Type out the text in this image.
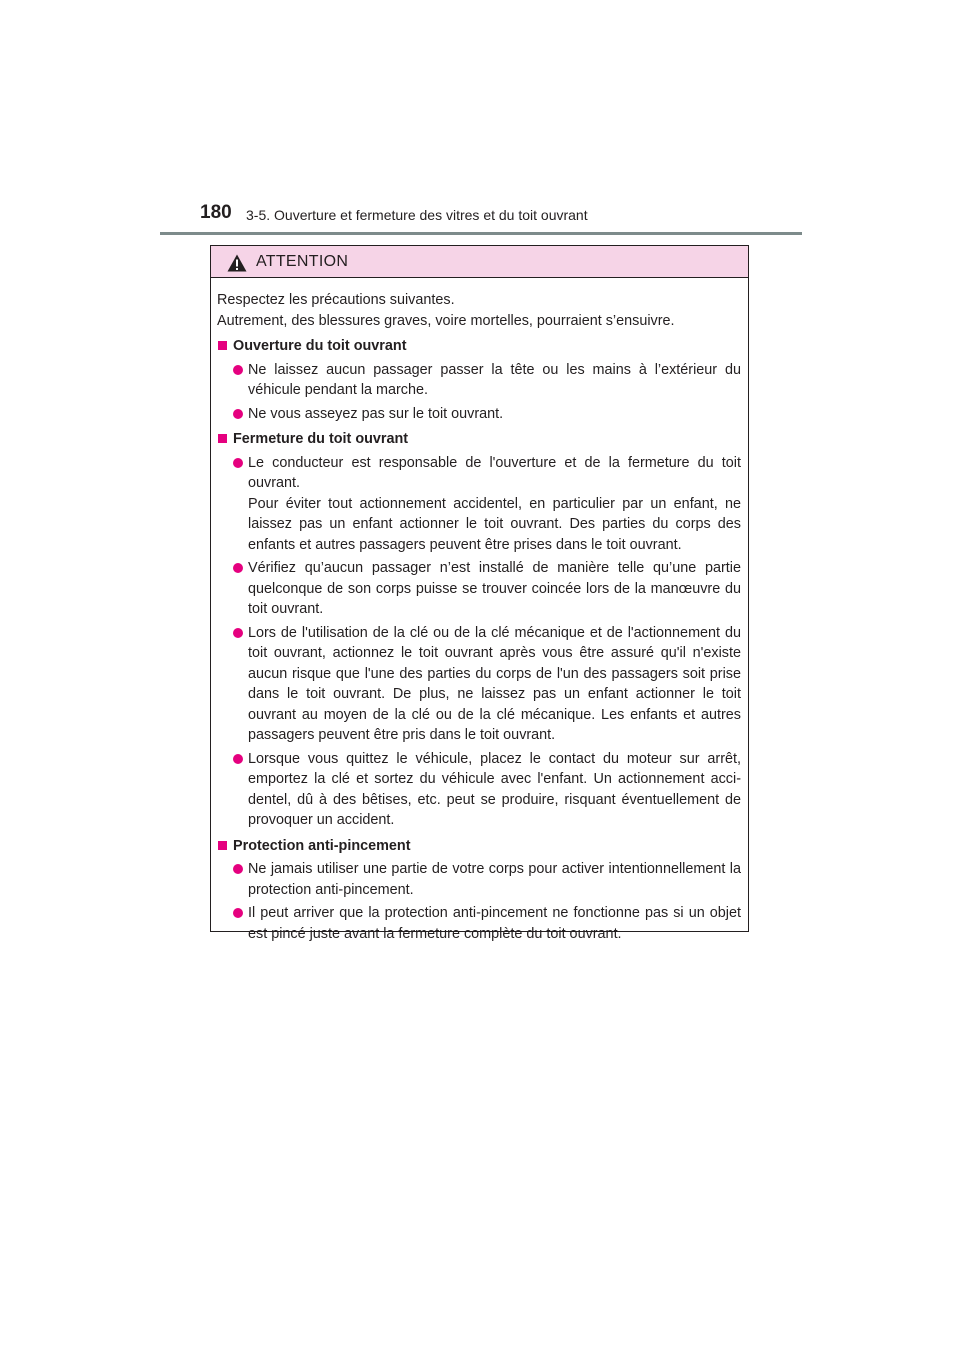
180 3-5. Ouverture et fermeture des vitres et du toit ouvrant
ATTENTION

Respectez les précautions suivantes.

Autrement, des blessures graves, voire mortelles, pourraient s’ensuivre.

Ouverture du toit ouvrant

Ne laissez aucun passager passer la tête ou les mains à l’extérieur du véhicule pendant la marche.

Ne vous asseyez pas sur le toit ouvrant.

Fermeture du toit ouvrant

Le conducteur est responsable de l'ouverture et de la fermeture du toit ouvrant.

Pour éviter tout actionnement accidentel, en particulier par un enfant, ne laissez pas un enfant actionner le toit ouvrant. Des parties du corps des enfants et autres passagers peuvent être prises dans le toit ouvrant.

Vérifiez qu’aucun passager n’est installé de manière telle qu’une partie quelconque de son corps puisse se trouver coincée lors de la manœuvre du toit ouvrant.

Lors de l'utilisation de la clé ou de la clé mécanique et de l'actionnement du toit ouvrant, actionnez le toit ouvrant après vous être assuré qu'il n'existe aucun risque que l'une des parties du corps de l'un des passagers soit prise dans le toit ouvrant. De plus, ne laissez pas un enfant actionner le toit ouvrant au moyen de la clé ou de la clé mécanique. Les enfants et autres passagers peuvent être pris dans le toit ouvrant.

Lorsque vous quittez le véhicule, placez le contact du moteur sur arrêt, emportez la clé et sortez du véhicule avec l'enfant. Un actionnement acci-dentel, dû à des bêtises, etc. peut se produire, risquant éventuellement de provoquer un accident.

Protection anti-pincement

Ne jamais utiliser une partie de votre corps pour activer intentionnellement la protection anti-pincement.

Il peut arriver que la protection anti-pincement ne fonctionne pas si un objet est pincé juste avant la fermeture complète du toit ouvrant.
